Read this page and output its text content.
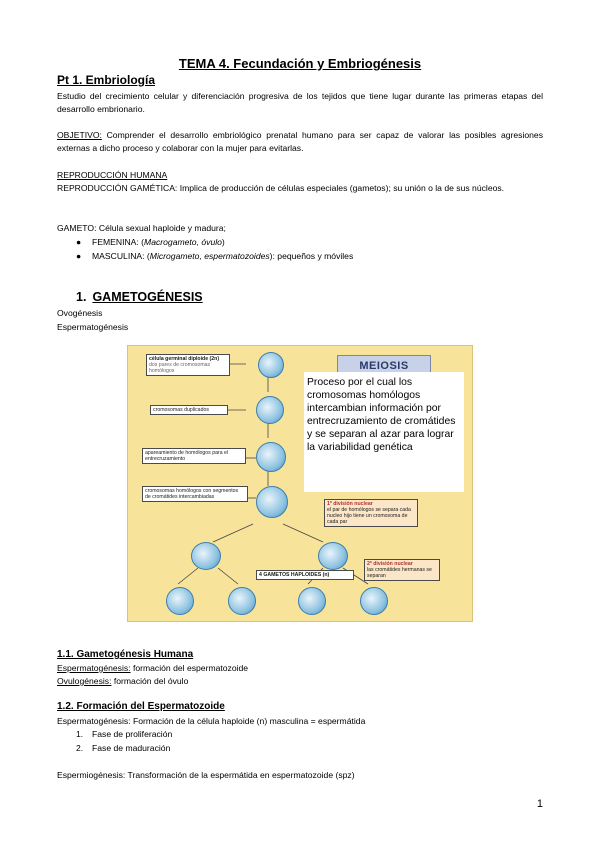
TEMA 4. Fecundación y Embriogénesis
Pt 1. Embriología
Estudio del crecimiento celular y diferenciación progresiva de los tejidos que tiene lugar durante las primeras etapas del desarrollo embrionario.
OBJETIVO: Comprender el desarrollo embriológico prenatal humano para ser capaz de valorar las posibles agresiones externas a dicho proceso y colaborar con la mujer para evitarlas.
REPRODUCCIÓN HUMANA
REPRODUCCIÓN GAMÉTICA: Implica de producción de células especiales (gametos); su unión o la de sus núcleos.
GAMETO: Célula sexual haploide y madura;
● FEMENINA: (Macrogameto, óvulo)
● MASCULINA: (Microgameto, espermatozoides): pequeños y móviles
1. GAMETOGÉNESIS
Ovogénesis
Espermatogénesis
célula germinal diploide (2n)
dos pares de cromosomas homólogos
cromosomas duplicados
apareamiento de homólogos para el entrecruzamiento
cromosomas homólogos con segmentos de cromátides intercambiadas
MEIOSIS
Proceso por el cual los cromosomas homólogos intercambian información por entrecruzamiento de cromátides y se separan al azar para lograr la variabilidad genética
1ª división nuclear
el par de homólogos se separa cada nucleo hijo tiene un cromosoma de cada par
2ª división nuclear
las cromátides hermanas se separan
4 GAMETOS HAPLOIDES (n)
1.1. Gametogénesis Humana
Espermatogénesis: formación del espermatozoide
Ovulogénesis: formación del óvulo
1.2. Formación del Espermatozoide
Espermatogénesis: Formación de la célula haploide (n) masculina = espermátida
1. Fase de proliferación
2. Fase de maduración
Espermiogénesis: Transformación de la espermátida en espermatozoide (spz)
1
